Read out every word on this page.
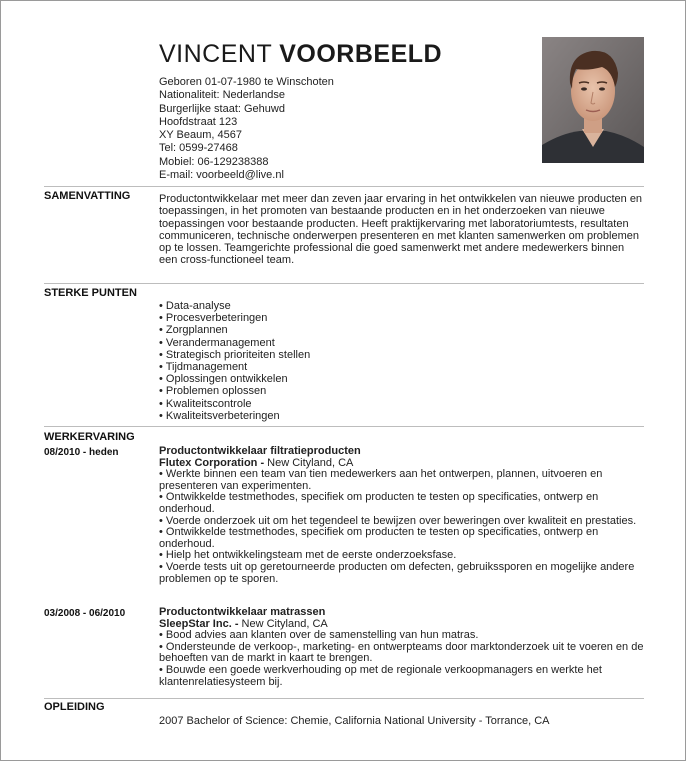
VINCENT VOORBEELD
Geboren 01-07-1980 te Winschoten
Nationaliteit: Nederlandse
Burgerlijke staat: Gehuwd
Hoofdstraat 123
XY Beaum, 4567
Tel: 0599-27468
Mobiel: 06-129238388
E-mail: voorbeeld@live.nl
SAMENVATTING	Productontwikkelaar met meer dan zeven jaar ervaring in het ontwikkelen van nieuwe producten en toepassingen, in het promoten van bestaande producten en in het onderzoeken van nieuwe toepassingen voor bestaande producten. Heeft praktijkervaring met laboratoriumtests, resultaten communiceren, technische onderwerpen presenteren en met klanten samenwerken om problemen op te lossen. Teamgerichte professional die goed samenwerkt met andere medewerkers binnen een cross-functioneel team.
STERKE PUNTEN
• Data-analyse
• Procesverbeteringen
• Zorgplannen
• Verandermanagement
• Strategisch prioriteiten stellen
• Tijdmanagement
• Oplossingen ontwikkelen
• Problemen oplossen
• Kwaliteitscontrole
• Kwaliteitsverbeteringen
WERKERVARING
08/2010 - heden	Productontwikkelaar filtratieproducten
Flutex Corporation - New Cityland, CA
• Werkte binnen een team van tien medewerkers aan het ontwerpen, plannen, uitvoeren en presenteren van experimenten.
• Ontwikkelde testmethodes, specifiek om producten te testen op specificaties, ontwerp en onderhoud.
• Voerde onderzoek uit om het tegendeel te bewijzen over beweringen over kwaliteit en prestaties.
• Ontwikkelde testmethodes, specifiek om producten te testen op specificaties, ontwerp en onderhoud.
• Hielp het ontwikkelingsteam met de eerste onderzoeksfase.
• Voerde tests uit op geretourneerde producten om defecten, gebruikssporen en mogelijke andere problemen op te sporen.
03/2008 - 06/2010	Productontwikkelaar matrassen
SleepStar Inc. - New Cityland, CA
• Bood advies aan klanten over de samenstelling van hun matras.
• Ondersteunde de verkoop-, marketing- en ontwerpteams door marktonderzoek uit te voeren en de behoeften van de markt in kaart te brengen.
• Bouwde een goede werkverhouding op met de regionale verkoopmanagers en werkte het klantenrelatiesysteem bij.
OPLEIDING
2007 Bachelor of Science: Chemie, California National University - Torrance, CA
